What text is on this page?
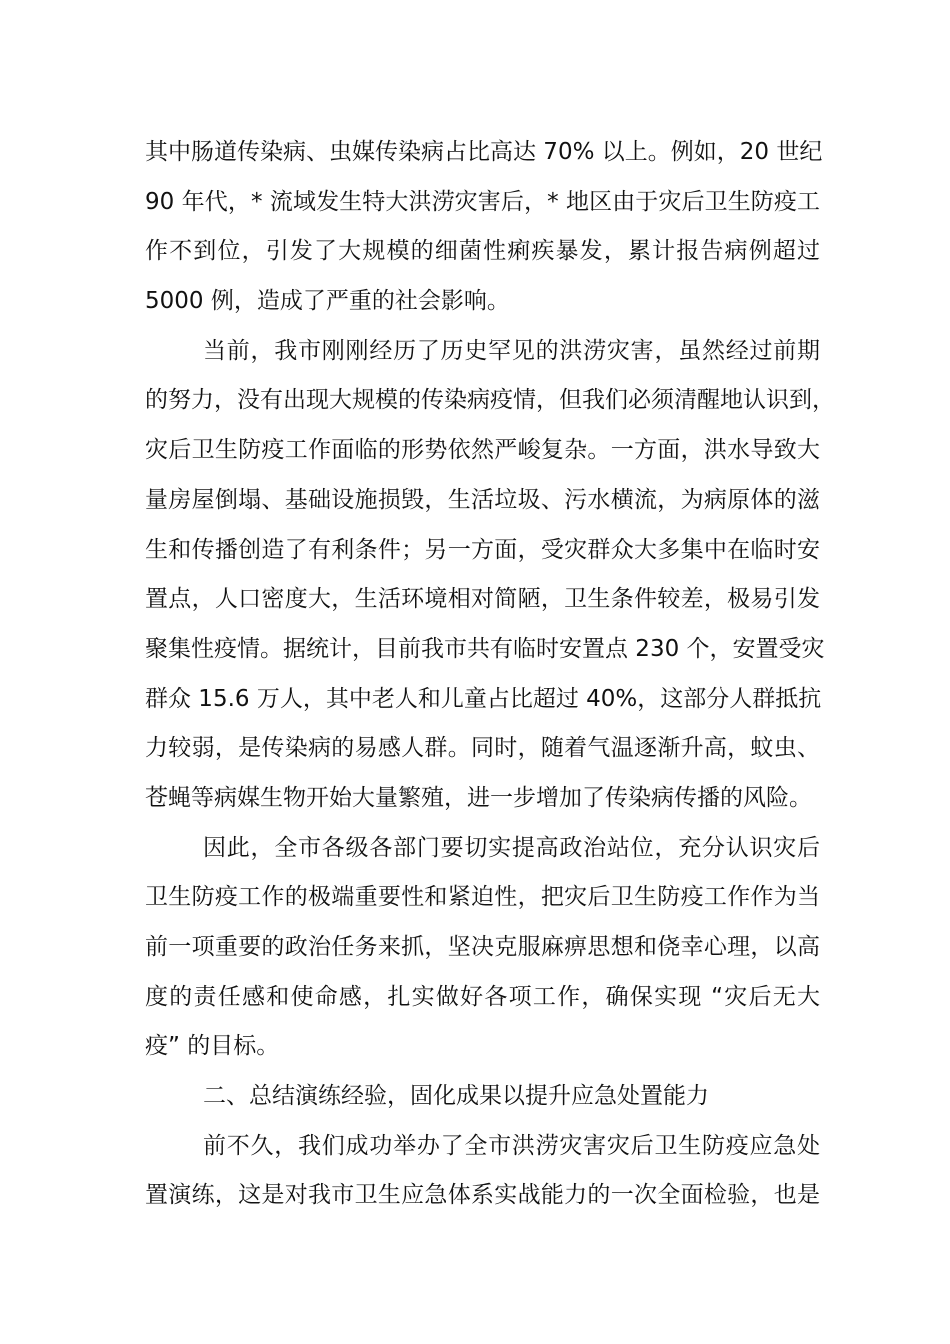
其中肠道传染病、虫媒传染病占比高达 70% 以上。例如，20 世纪
90 年代，* 流域发生特大洪涝灾害后，* 地区由于灾后卫生防疫工
作不到位，引发了大规模的细菌性痢疾暴发，累计报告病例超过
5000 例，造成了严重的社会影响。
当前，我市刚刚经历了历史罕见的洪涝灾害，虽然经过前期
的努力，没有出现大规模的传染病疫情，但我们必须清醒地认识到，
灾后卫生防疫工作面临的形势依然严峻复杂。一方面，洪水导致大
量房屋倒塌、基础设施损毁，生活垃圾、污水横流，为病原体的滋
生和传播创造了有利条件；另一方面，受灾群众大多集中在临时安
置点，人口密度大，生活环境相对简陋，卫生条件较差，极易引发
聚集性疫情。据统计，目前我市共有临时安置点 230 个，安置受灾
群众 15.6 万人，其中老人和儿童占比超过 40%，这部分人群抵抗
力较弱，是传染病的易感人群。同时，随着气温逐渐升高，蚊虫、
苍蝇等病媒生物开始大量繁殖，进一步增加了传染病传播的风险。
因此，全市各级各部门要切实提高政治站位，充分认识灾后
卫生防疫工作的极端重要性和紧迫性，把灾后卫生防疫工作作为当
前一项重要的政治任务来抓，坚决克服麻痹思想和侥幸心理，以高
度的责任感和使命感，扎实做好各项工作，确保实现 “灾后无大
疫” 的目标。
二、总结演练经验，固化成果以提升应急处置能力
前不久，我们成功举办了全市洪涝灾害灾后卫生防疫应急处
置演练，这是对我市卫生应急体系实战能力的一次全面检验，也是
